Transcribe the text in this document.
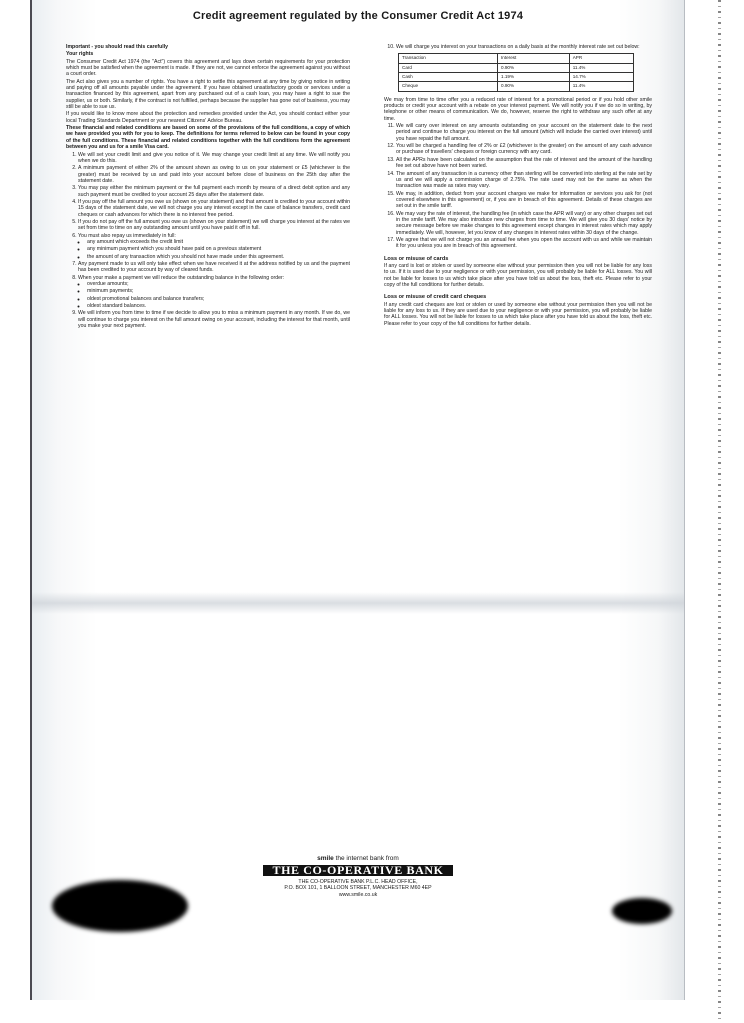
Credit agreement regulated by the Consumer Credit Act 1974

Important - you should read this carefully

Your rights

The Consumer Credit Act 1974 (the "Act") covers this agreement and lays down certain requirements for your protection which must be satisfied when the agreement is made. If they are not, we cannot enforce the agreement against you without a court order.

The Act also gives you a number of rights. You have a right to settle this agreement at any time by giving notice in writing and paying off all amounts payable under the agreement. If you have obtained unsatisfactory goods or services under a transaction financed by this agreement, apart from any purchased out of a cash loan, you may have a right to sue the supplier, us or both. Similarly, if the contract is not fulfilled, perhaps because the supplier has gone out of business, you may still be able to sue us.

If you would like to know more about the protection and remedies provided under the Act, you should contact either your local Trading Standards Department or your nearest Citizens' Advice Bureau.

These financial and related conditions are based on some of the provisions of the full conditions, a copy of which we have provided you with for you to keep. The definitions for terms referred to below can be found in your copy of the full conditions. These financial and related conditions together with the full conditions form the agreement between you and us for a smile Visa card.

1. We will set your credit limit and give you notice of it. We may change your credit limit at any time. We will notify you when we do this.
2. A minimum payment of either 2% of the amount shown as owing to us on your statement or £5 (whichever is the greater) must be received by us and paid into your account before close of business on the 25th day after the statement date.
3. You may pay either the minimum payment or the full payment each month by means of a direct debit option and any such payment must be credited to your account 25 days after the statement date.
4. If you pay off the full amount you owe us (shown on your statement) and that amount is credited to your account within 15 days of the statement date, we will not charge you any interest except in the case of balance transfers, credit card cheques or cash advances for which there is no interest free period.
5. If you do not pay off the full amount you owe us (shown on your statement) we will charge you interest at the rates we set from time to time on any outstanding amount until you have paid it off in full.
6. You must also repay us immediately in full:
◦ any amount which exceeds the credit limit
◦ any minimum payment which you should have paid on a previous statement
◦ the amount of any transaction which you should not have made under this agreement.
7. Any payment made to us will only take effect when we have received it at the address notified by us and the payment has been credited to your account by way of cleared funds.
8. When your make a payment we will reduce the outstanding balance in the following order:
◦ overdue amounts;
◦ minimum payments;
◦ oldest promotional balances and balance transfers;
◦ oldest standard balances.
9. We will inform you from time to time if we decide to allow you to miss a minimum payment in any month. If we do, we will continue to charge you interest on the full amount owing on your account, including the interest for that month, until you make your next payment.
10. We will charge you interest on your transactions on a daily basis at the monthly interest rate set out below:
Transaction	Interest	APR
Card	0.90%	11.4%
Cash	1.19%	14.7%
Cheque	0.90%	11.4%

We may from time to time offer you a reduced rate of interest for a promotional period or if you hold other smile products or credit your account with a rebate on your interest payment. We will notify you if we do so in writing, by telephone or other means of communication. We do, however, reserve the right to withdraw any such offer at any time.

11. We will carry over interest on any amounts outstanding on your account on the statement date to the next period and continue to charge you interest on the full amount (which will include the carried over interest) until you have repaid the full amount.
12. You will be charged a handling fee of 2% or £2 (whichever is the greater) on the amount of any cash advance or purchase of travellers' cheques or foreign currency with any card.
13. All the APRs have been calculated on the assumption that the rate of interest and the amount of the handling fee set out above have not been varied.
14. The amount of any transaction in a currency other than sterling will be converted into sterling at the rate set by us and we will apply a commission charge of 2.75%. The rate used may not be the same as when the transaction was made as rates may vary.
15. We may, in addition, deduct from your account charges we make for information or services you ask for (not covered elsewhere in this agreement) or, if you are in breach of this agreement. Details of these charges are set out in the smile tariff.
16. We may vary the rate of interest, the handling fee (in which case the APR will vary) or any other charges set out in the smile tariff. We may also introduce new charges from time to time. We will give you 30 days' notice by secure message before we make changes to this agreement except changes in interest rates which may apply immediately. We will, however, let you know of any changes in interest rates within 30 days of the change.
17. We agree that we will not charge you an annual fee when you open the account with us and while we maintain it for you unless you are in breach of this agreement.
Loss or misuse of cards

If any card is lost or stolen or used by someone else without your permission then you will not be liable for any loss to us. If it is used due to your negligence or with your permission, you will probably be liable for ALL losses. You will not be liable for losses to us which take place after you have told us about the loss, theft etc. Please refer to your copy of the full conditions for further details.

Loss or misuse of credit card cheques

If any credit card cheques are lost or stolen or used by someone else without your permission then you will not be liable for any loss to us. If they are used due to your negligence or with your permission, you will probably be liable for ALL losses. You will not be liable for losses to us which take place after you have told us about the loss, theft etc. Please refer to your copy of the full conditions for further details.

smile the internet bank from
THE CO-OPERATIVE BANK
THE CO-OPERATIVE BANK P.L.C. HEAD OFFICE,
P.O. BOX 101, 1 BALLOON STREET, MANCHESTER M60 4EP
www.smile.co.uk
